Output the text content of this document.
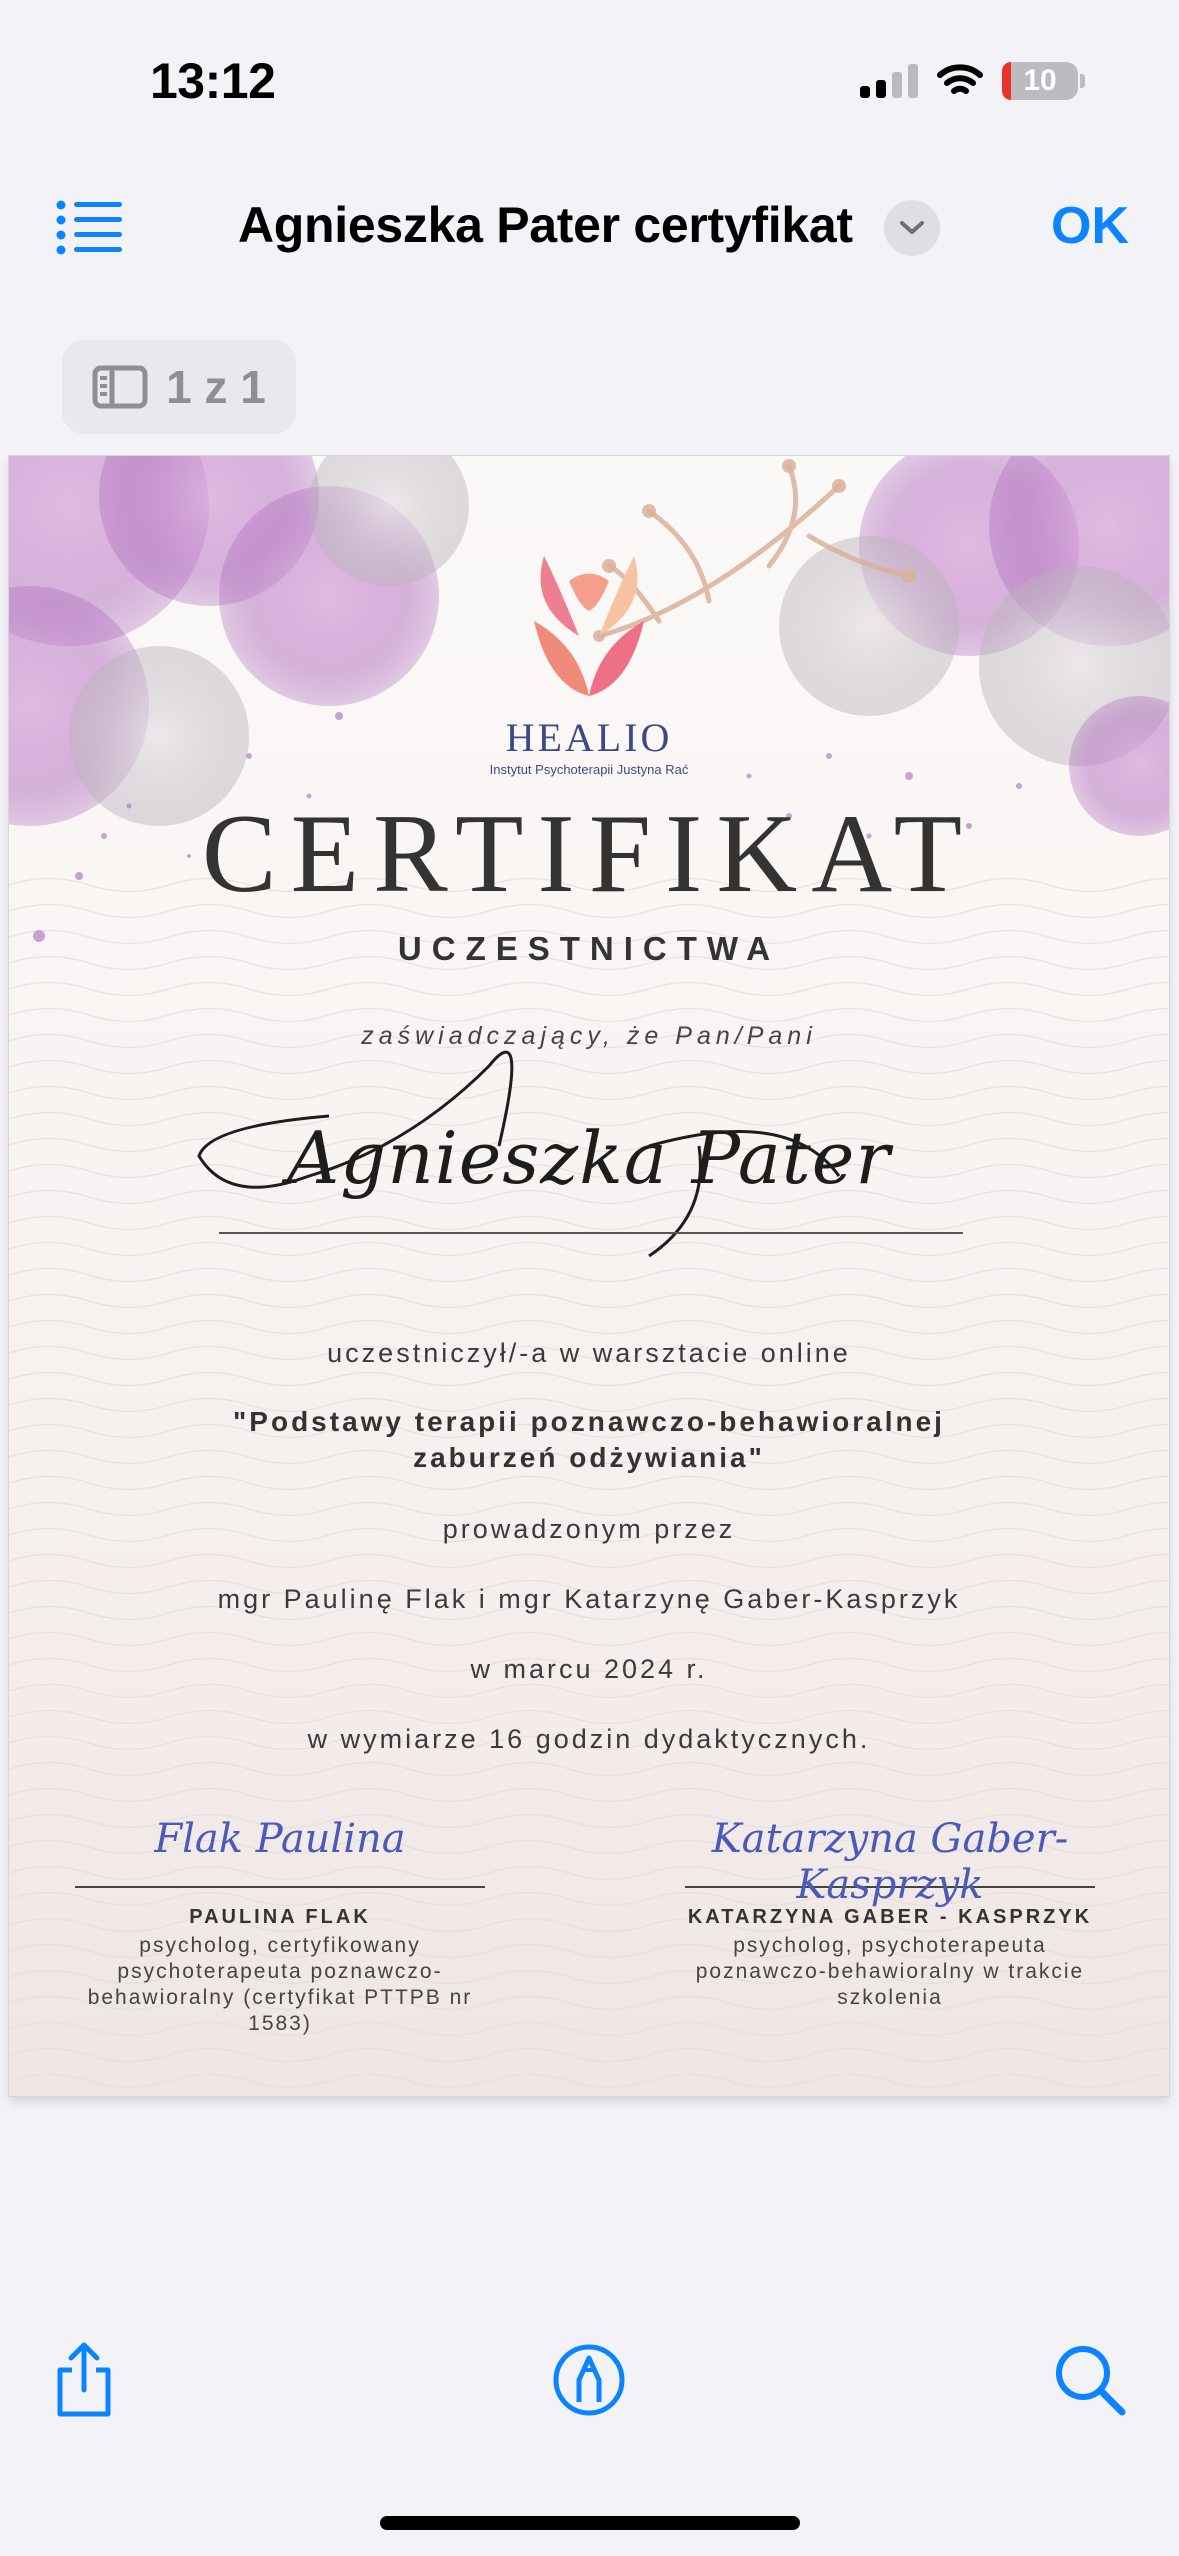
13:12	10
Agnieszka Pater certyfikat	OK
1 z 1
HEALIO
Instytut Psychoterapii Justyna Rać
CERTIFIKAT
UCZESTNICTWA
zaświadczający, że Pan/Pani
Agnieszka Pater
uczestniczył/-a w warsztacie online
"Podstawy terapii poznawczo-behawioralnej
zaburzeń odżywiania"
prowadzonym przez
mgr Paulinę Flak i mgr Katarzynę Gaber-Kasprzyk
w marcu 2024 r.
w wymiarze 16 godzin dydaktycznych.
Flak Paulina
PAULINA FLAK
psycholog, certyfikowany psychoterapeuta poznawczo-behawioralny (certyfikat PTTPB nr 1583)
Katarzyna Gaber-Kasprzyk
KATARZYNA GABER - KASPRZYK
psycholog, psychoterapeuta poznawczo-behawioralny w trakcie szkolenia
